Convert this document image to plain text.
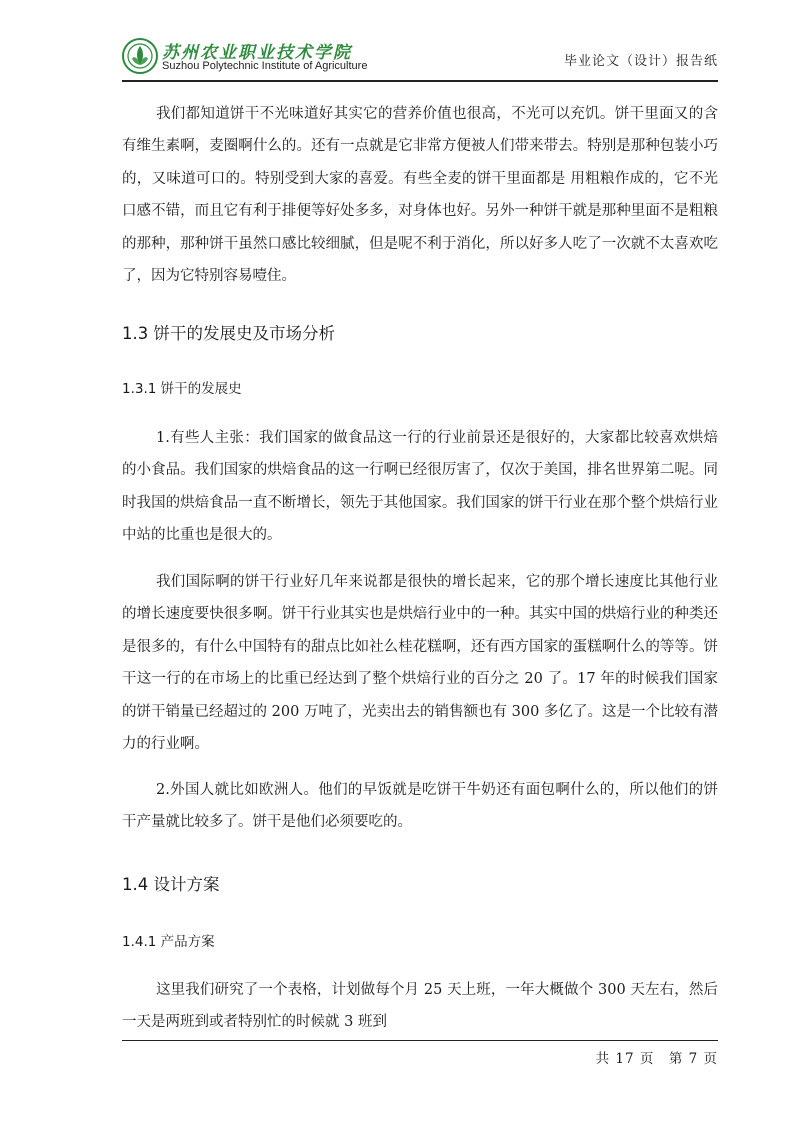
苏州农业职业技术学院
Suzhou Polytechnic Institute of Agriculture	毕业论文（设计）报告纸

我们都知道饼干不光味道好其实它的营养价值也很高，不光可以充饥。饼干里面又的含有维生素啊，麦圈啊什么的。还有一点就是它非常方便被人们带来带去。特别是那种包装小巧的，又味道可口的。特别受到大家的喜爱。有些全麦的饼干里面都是 用粗粮作成的，它不光口感不错，而且它有利于排便等好处多多，对身体也好。另外一种饼干就是那种里面不是粗粮的那种，那种饼干虽然口感比较细腻，但是呢不利于消化，所以好多人吃了一次就不太喜欢吃了，因为它特别容易噎住。

1.3 饼干的发展史及市场分析
1.3.1 饼干的发展史

1.有些人主张：我们国家的做食品这一行的行业前景还是很好的，大家都比较喜欢烘焙的小食品。我们国家的烘焙食品的这一行啊已经很厉害了，仅次于美国，排名世界第二呢。同时我国的烘焙食品一直不断增长，领先于其他国家。我们国家的饼干行业在那个整个烘焙行业中站的比重也是很大的。

我们国际啊的饼干行业好几年来说都是很快的增长起来，它的那个增长速度比其他行业的增长速度要快很多啊。饼干行业其实也是烘焙行业中的一种。其实中国的烘焙行业的种类还是很多的，有什么中国特有的甜点比如社么桂花糕啊，还有西方国家的蛋糕啊什么的等等。饼干这一行的在市场上的比重已经达到了整个烘焙行业的百分之 20 了。17 年的时候我们国家的饼干销量已经超过的 200 万吨了，光卖出去的销售额也有 300 多亿了。这是一个比较有潜力的行业啊。

2.外国人就比如欧洲人。他们的早饭就是吃饼干牛奶还有面包啊什么的，所以他们的饼干产量就比较多了。饼干是他们必须要吃的。

1.4 设计方案
1.4.1 产品方案

这里我们研究了一个表格，计划做每个月 25 天上班，一年大概做个 300 天左右，然后一天是两班到或者特别忙的时候就 3 班到

共 17 页　第 7 页
